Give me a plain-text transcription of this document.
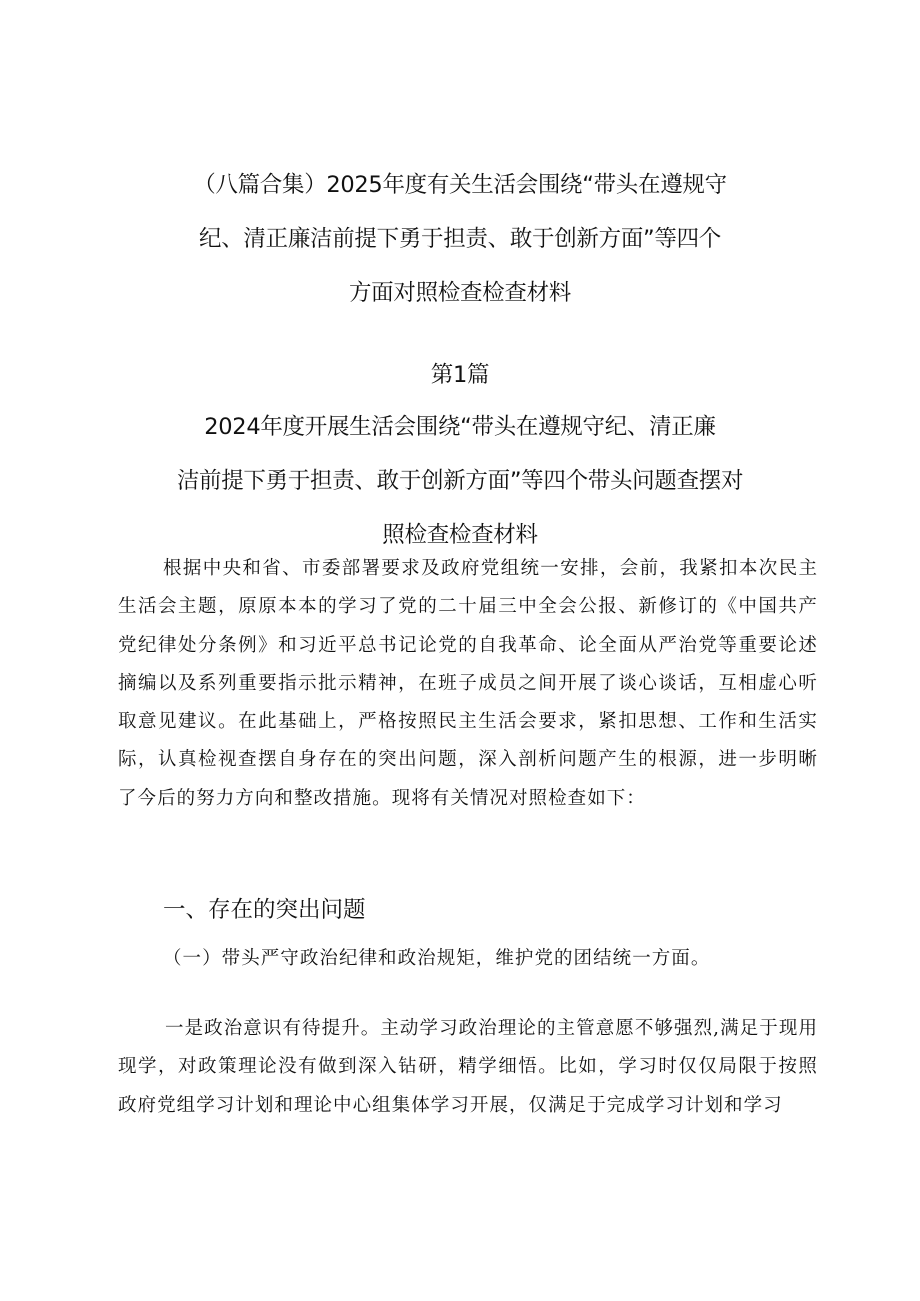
（八篇合集）2025年度有关生活会围绕“带头在遵规守
纪、清正廉洁前提下勇于担责、敢于创新方面”等四个
方面对照检查检查材料
第1篇
2024年度开展生活会围绕“带头在遵规守纪、清正廉
洁前提下勇于担责、敢于创新方面”等四个带头问题查摆对
照检查检查材料

根据中央和省、市委部署要求及政府党组统一安排，会前，我紧扣本次民主生活会主题，原原本本的学习了党的二十届三中全会公报、新修订的《中国共产党纪律处分条例》和习近平总书记论党的自我革命、论全面从严治党等重要论述摘编以及系列重要指示批示精神，在班子成员之间开展了谈心谈话，互相虚心听取意见建议。在此基础上，严格按照民主生活会要求，紧扣思想、工作和生活实际，认真检视查摆自身存在的突出问题，深入剖析问题产生的根源，进一步明晰了今后的努力方向和整改措施。现将有关情况对照检查如下：

一、存在的突出问题
（一）带头严守政治纪律和政治规矩，维护党的团结统一方面。

一是政治意识有待提升。主动学习政治理论的主管意愿不够强烈,满足于现用现学，对政策理论没有做到深入钻研，精学细悟。比如，学习时仅仅局限于按照政府党组学习计划和理论中心组集体学习开展，仅满足于完成学习计划和学习
